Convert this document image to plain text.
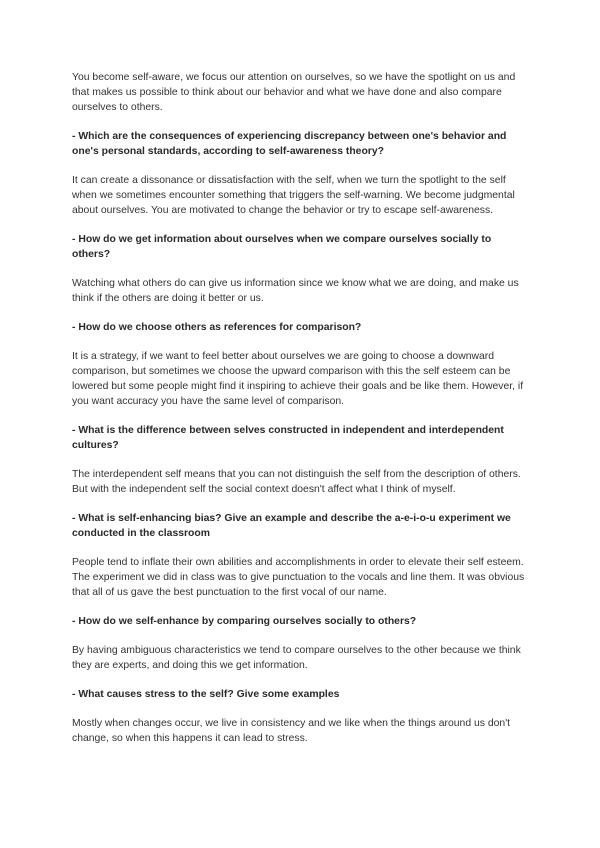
You become self-aware, we focus our attention on ourselves, so we have the spotlight on us and that makes us possible to think about our behavior and what we have done and also compare ourselves to others.

- Which are the consequences of experiencing discrepancy between one's behavior and one's personal standards, according to self-awareness theory?

It can create a dissonance or dissatisfaction with the self, when we turn the spotlight to the self when we sometimes encounter something that triggers the self-warning. We become judgmental about ourselves. You are motivated to change the behavior or try to escape self-awareness.

- How do we get information about ourselves when we compare ourselves socially to others?

Watching what others do can give us information since we know what we are doing, and make us think if the others are doing it better or us.

- How do we choose others as references for comparison?

It is a strategy, if we want to feel better about ourselves we are going to choose a downward comparison, but sometimes we choose the upward comparison with this the self esteem can be lowered but some people might find it inspiring to achieve their goals and be like them. However, if you want accuracy you have the same level of comparison.

- What is the difference between selves constructed in independent and interdependent cultures?

The interdependent self means that you can not distinguish the self from the description of others. But with the independent self the social context doesn't affect what I think of myself.

- What is self-enhancing bias? Give an example and describe the a-e-i-o-u experiment we conducted in the classroom

People tend to inflate their own abilities and accomplishments in order to elevate their self esteem.

The experiment we did in class was to give punctuation to the vocals and line them. It was obvious that all of us gave the best punctuation to the first vocal of our name.

- How do we self-enhance by comparing ourselves socially to others?

By having ambiguous characteristics we tend to compare ourselves to the other because we think they are experts, and doing this we get information.

- What causes stress to the self? Give some examples

Mostly when changes occur, we live in consistency and we like when the things around us don't change, so when this happens it can lead to stress.
